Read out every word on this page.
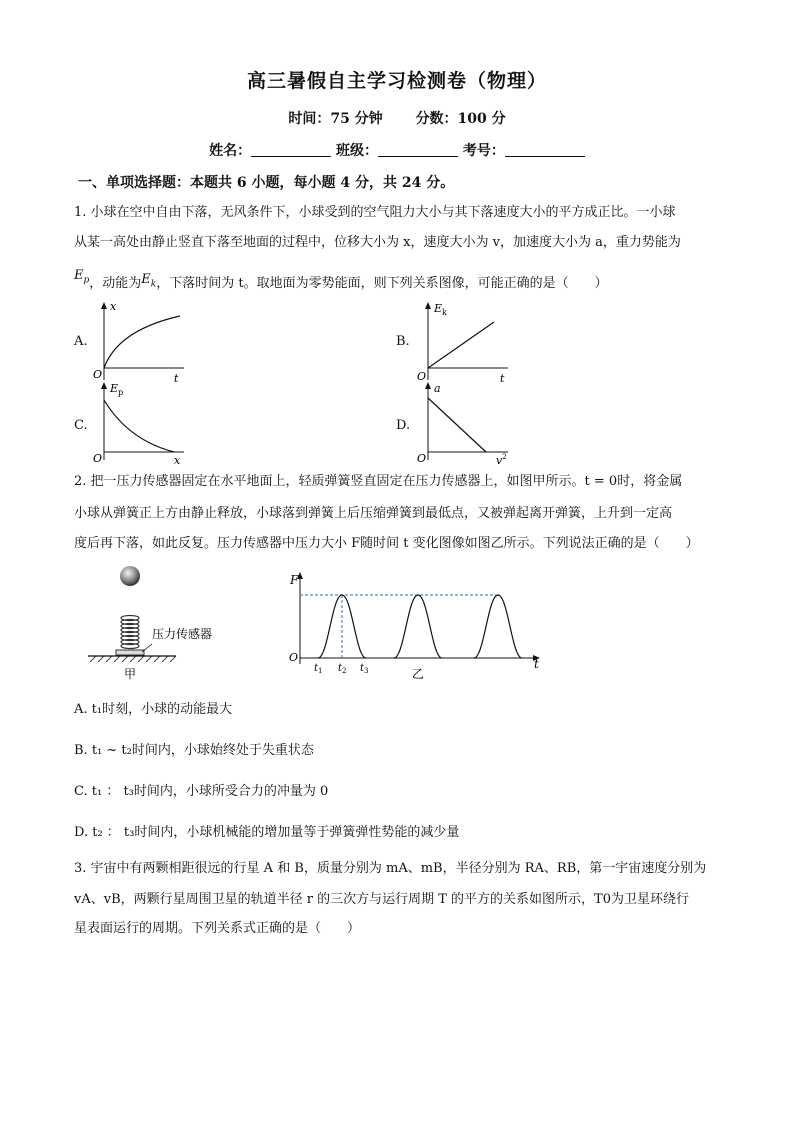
高三暑假自主学习检测卷（物理）
时间：75 分钟 分数：100 分
姓名：	班级：	考号：
一、单项选择题：本题共 6 小题，每小题 4 分，共 24 分。
1. 小球在空中自由下落，无风条件下，小球受到的空气阻力大小与其下落速度大小的平方成正比。一小球
从某一高处由静止竖直下落至地面的过程中，位移大小为 x，速度大小为 v，加速度大小为 a，重力势能为
$E_p$，动能为$E_k$，下落时间为 t。取地面为零势能面，则下列关系图像，可能正确的是（　　）
A.
x
t
O
B.
$E_k$
t
O
C.
$E_p$
x
O
D.
a
$v^2$
O
2. 把一压力传感器固定在水平地面上，轻质弹簧竖直固定在压力传感器上，如图甲所示。t = 0时，将金属
小球从弹簧正上方由静止释放，小球落到弹簧上后压缩弹簧到最低点，又被弹起离开弹簧，上升到一定高
度后再下落，如此反复。压力传感器中压力大小 F随时间 t 变化图像如图乙所示。下列说法正确的是（　　）
压力传感器
甲
F
t
O
$t_1$ $t_2$ $t_3$	乙
A. t₁时刻，小球的动能最大
B. t₁ ~ t₂时间内，小球始终处于失重状态
C. t₁ ： t₃时间内，小球所受合力的冲量为 0
D. t₂ ： t₃时间内，小球机械能的增加量等于弹簧弹性势能的减少量
3. 宇宙中有两颗相距很远的行星 A 和 B，质量分别为 mA、mB，半径分别为 RA、RB，第一宇宙速度分别为
vA、vB，两颗行星周围卫星的轨道半径 r 的三次方与运行周期 T 的平方的关系如图所示，T0为卫星环绕行
星表面运行的周期。下列关系式正确的是（　　）
